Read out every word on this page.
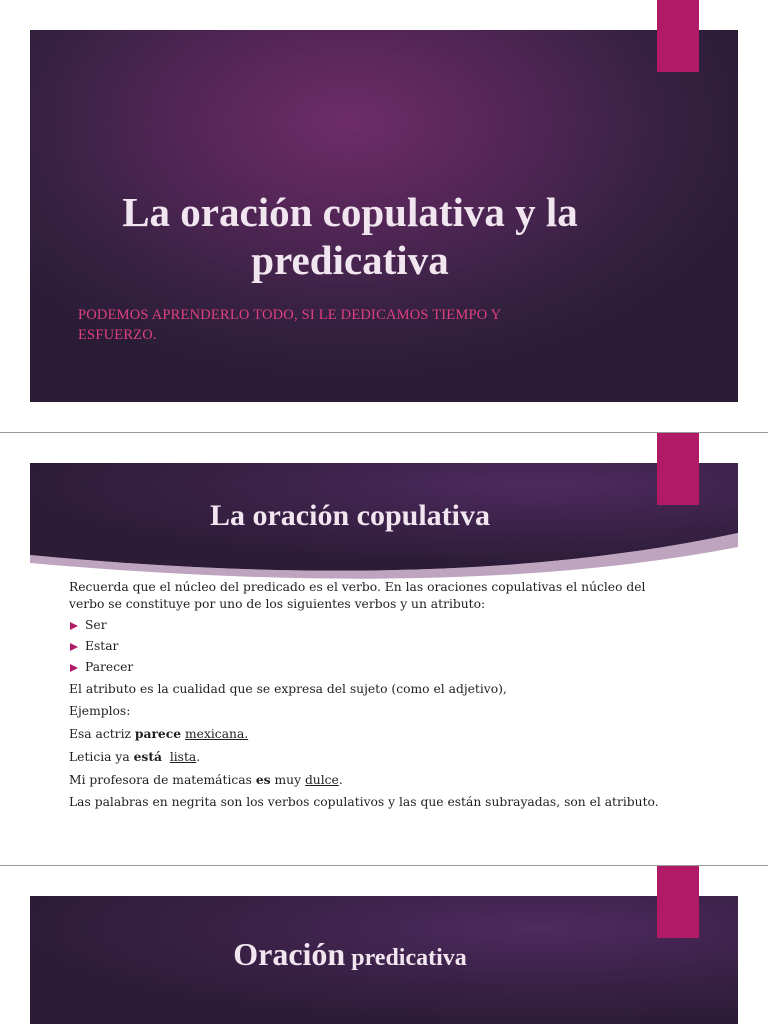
La oración copulativa y la
predicativa
PODEMOS APRENDERLO TODO, SI LE DEDICAMOS TIEMPO Y
ESFUERZO.
La oración copulativa

Recuerda que el núcleo del predicado es el verbo. En las oraciones copulativas el núcleo del
verbo se constituye por uno de los siguientes verbos y un atributo:

Ser
Estar
Parecer

El atributo es la cualidad que se expresa del sujeto (como el adjetivo),

Ejemplos:

Esa actriz parece mexicana.

Leticia ya está lista.

Mi profesora de matemáticas es muy dulce.

Las palabras en negrita son los verbos copulativos y las que están subrayadas, son el atributo.

Oración predicativa
